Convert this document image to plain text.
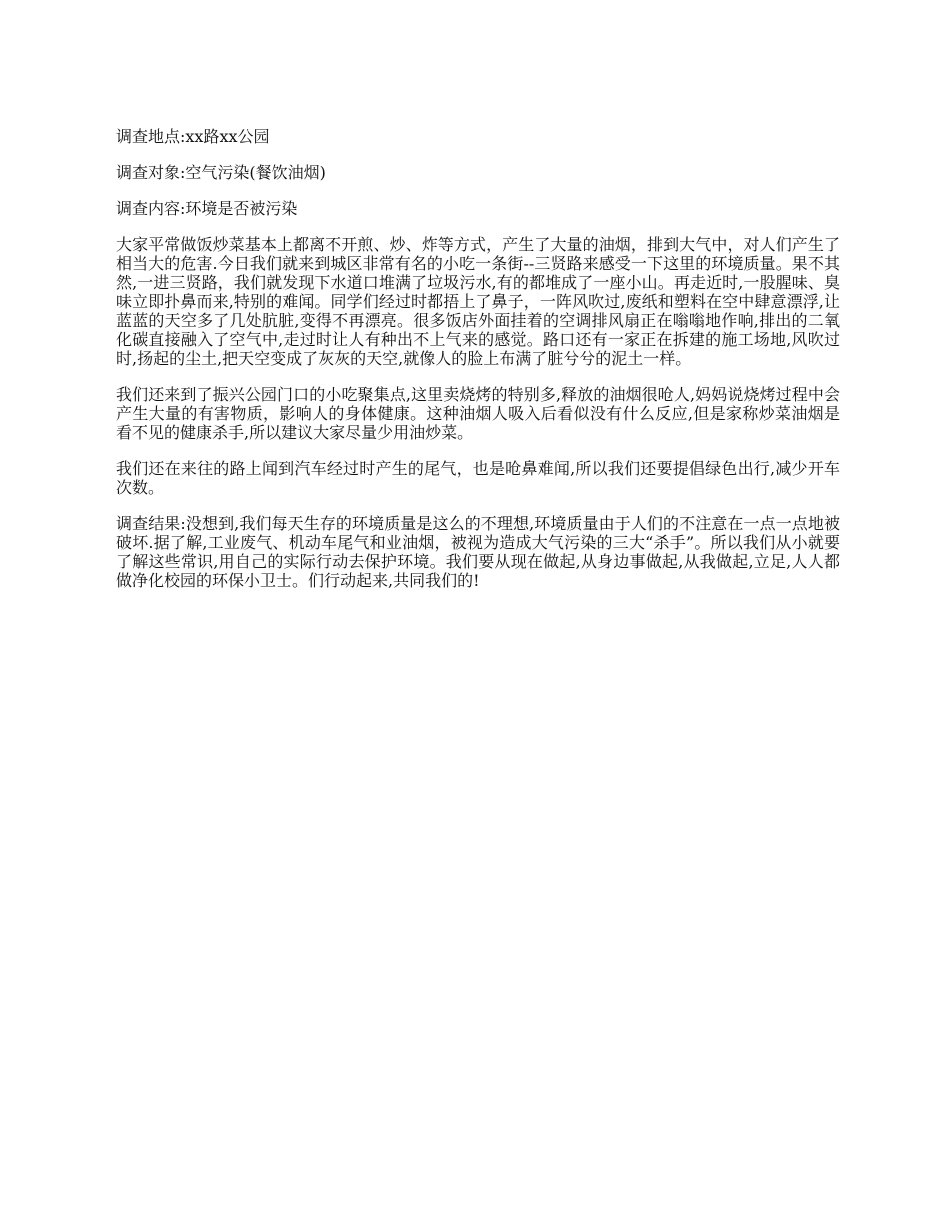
调查地点:xx路xx公园

调查对象:空气污染(餐饮油烟)

调查内容:环境是否被污染

大家平常做饭炒菜基本上都离不开煎、炒、炸等方式，产生了大量的油烟，排到大气中，对人们产生了相当大的危害.今日我们就来到城区非常有名的小吃一条街--三贤路来感受一下这里的环境质量。果不其然,一进三贤路，我们就发现下水道口堆满了垃圾污水,有的都堆成了一座小山。再走近时,一股腥味、臭味立即扑鼻而来,特别的难闻。同学们经过时都捂上了鼻子，一阵风吹过,废纸和塑料在空中肆意漂浮,让蓝蓝的天空多了几处肮脏,变得不再漂亮。很多饭店外面挂着的空调排风扇正在嗡嗡地作响,排出的二氧化碳直接融入了空气中,走过时让人有种出不上气来的感觉。路口还有一家正在拆建的施工场地,风吹过时,扬起的尘土,把天空变成了灰灰的天空,就像人的脸上布满了脏兮兮的泥土一样。

我们还来到了振兴公园门口的小吃聚集点,这里卖烧烤的特别多,释放的油烟很呛人,妈妈说烧烤过程中会产生大量的有害物质，影响人的身体健康。这种油烟人吸入后看似没有什么反应,但是家称炒菜油烟是看不见的健康杀手,所以建议大家尽量少用油炒菜。

我们还在来往的路上闻到汽车经过时产生的尾气，也是呛鼻难闻,所以我们还要提倡绿色出行,减少开车次数。

调查结果:没想到,我们每天生存的环境质量是这么的不理想,环境质量由于人们的不注意在一点一点地被破坏.据了解,工业废气、机动车尾气和业油烟，被视为造成大气污染的三大“杀手”。所以我们从小就要了解这些常识,用自己的实际行动去保护环境。我们要从现在做起,从身边事做起,从我做起,立足,人人都做净化校园的环保小卫士。们行动起来,共同我们的!
